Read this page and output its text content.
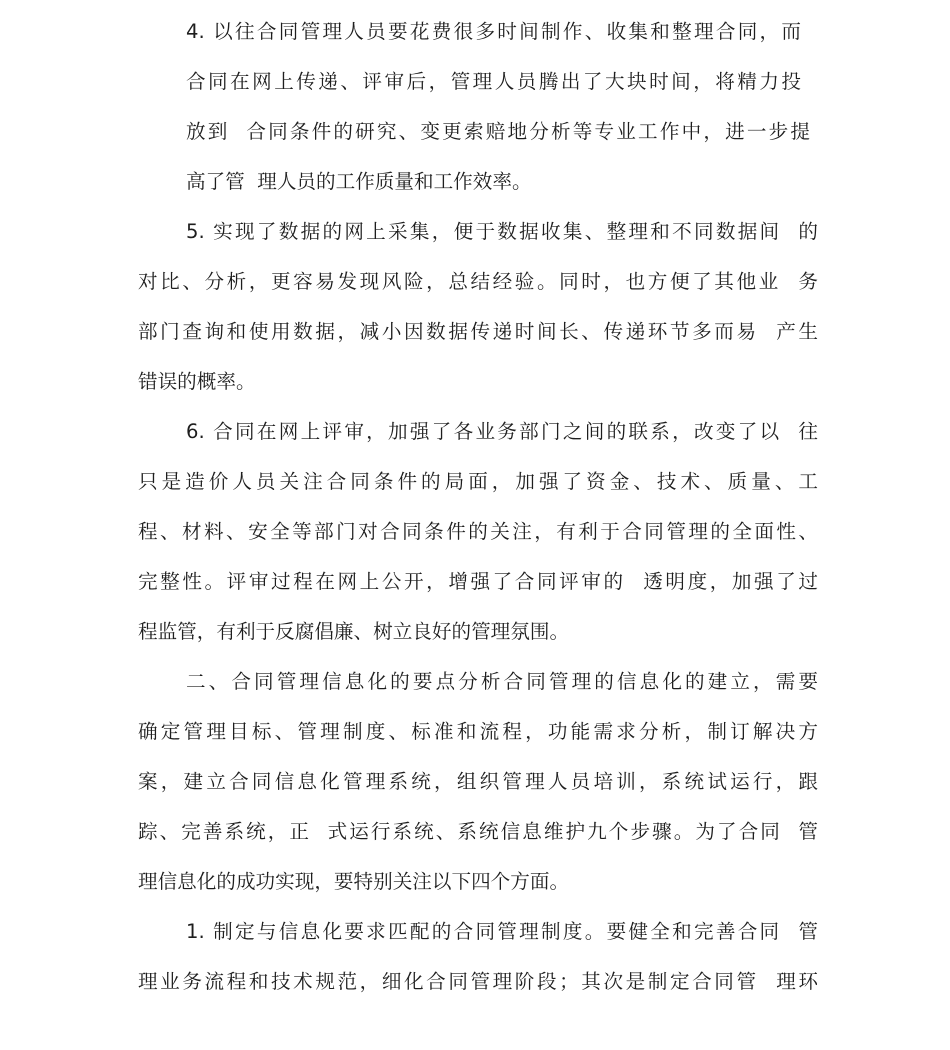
4. 以往合同管理人员要花费很多时间制作、收集和整理合同，而
合同在网上传递、评审后，管理人员腾出了大块时间，将精力投
放到  合同条件的研究、变更索赔地分析等专业工作中，进一步提
高了管  理人员的工作质量和工作效率。
5. 实现了数据的网上采集，便于数据收集、整理和不同数据间  的
对比、分析，更容易发现风险，总结经验。同时，也方便了其他业  务
部门查询和使用数据，减小因数据传递时间长、传递环节多而易  产生
错误的概率。
6. 合同在网上评审，加强了各业务部门之间的联系，改变了以  往
只是造价人员关注合同条件的局面，加强了资金、技术、质量、工
程、材料、安全等部门对合同条件的关注，有利于合同管理的全面性、
完整性。评审过程在网上公开，增强了合同评审的  透明度，加强了过
程监管，有利于反腐倡廉、树立良好的管理氛围。
二、合同管理信息化的要点分析合同管理的信息化的建立，需要
确定管理目标、管理制度、标准和流程，功能需求分析，制订解决方
案，建立合同信息化管理系统，组织管理人员培训，系统试运行，跟
踪、完善系统，正  式运行系统、系统信息维护九个步骤。为了合同  管
理信息化的成功实现，要特别关注以下四个方面。
1. 制定与信息化要求匹配的合同管理制度。要健全和完善合同  管
理业务流程和技术规范，细化合同管理阶段；其次是制定合同管  理环
